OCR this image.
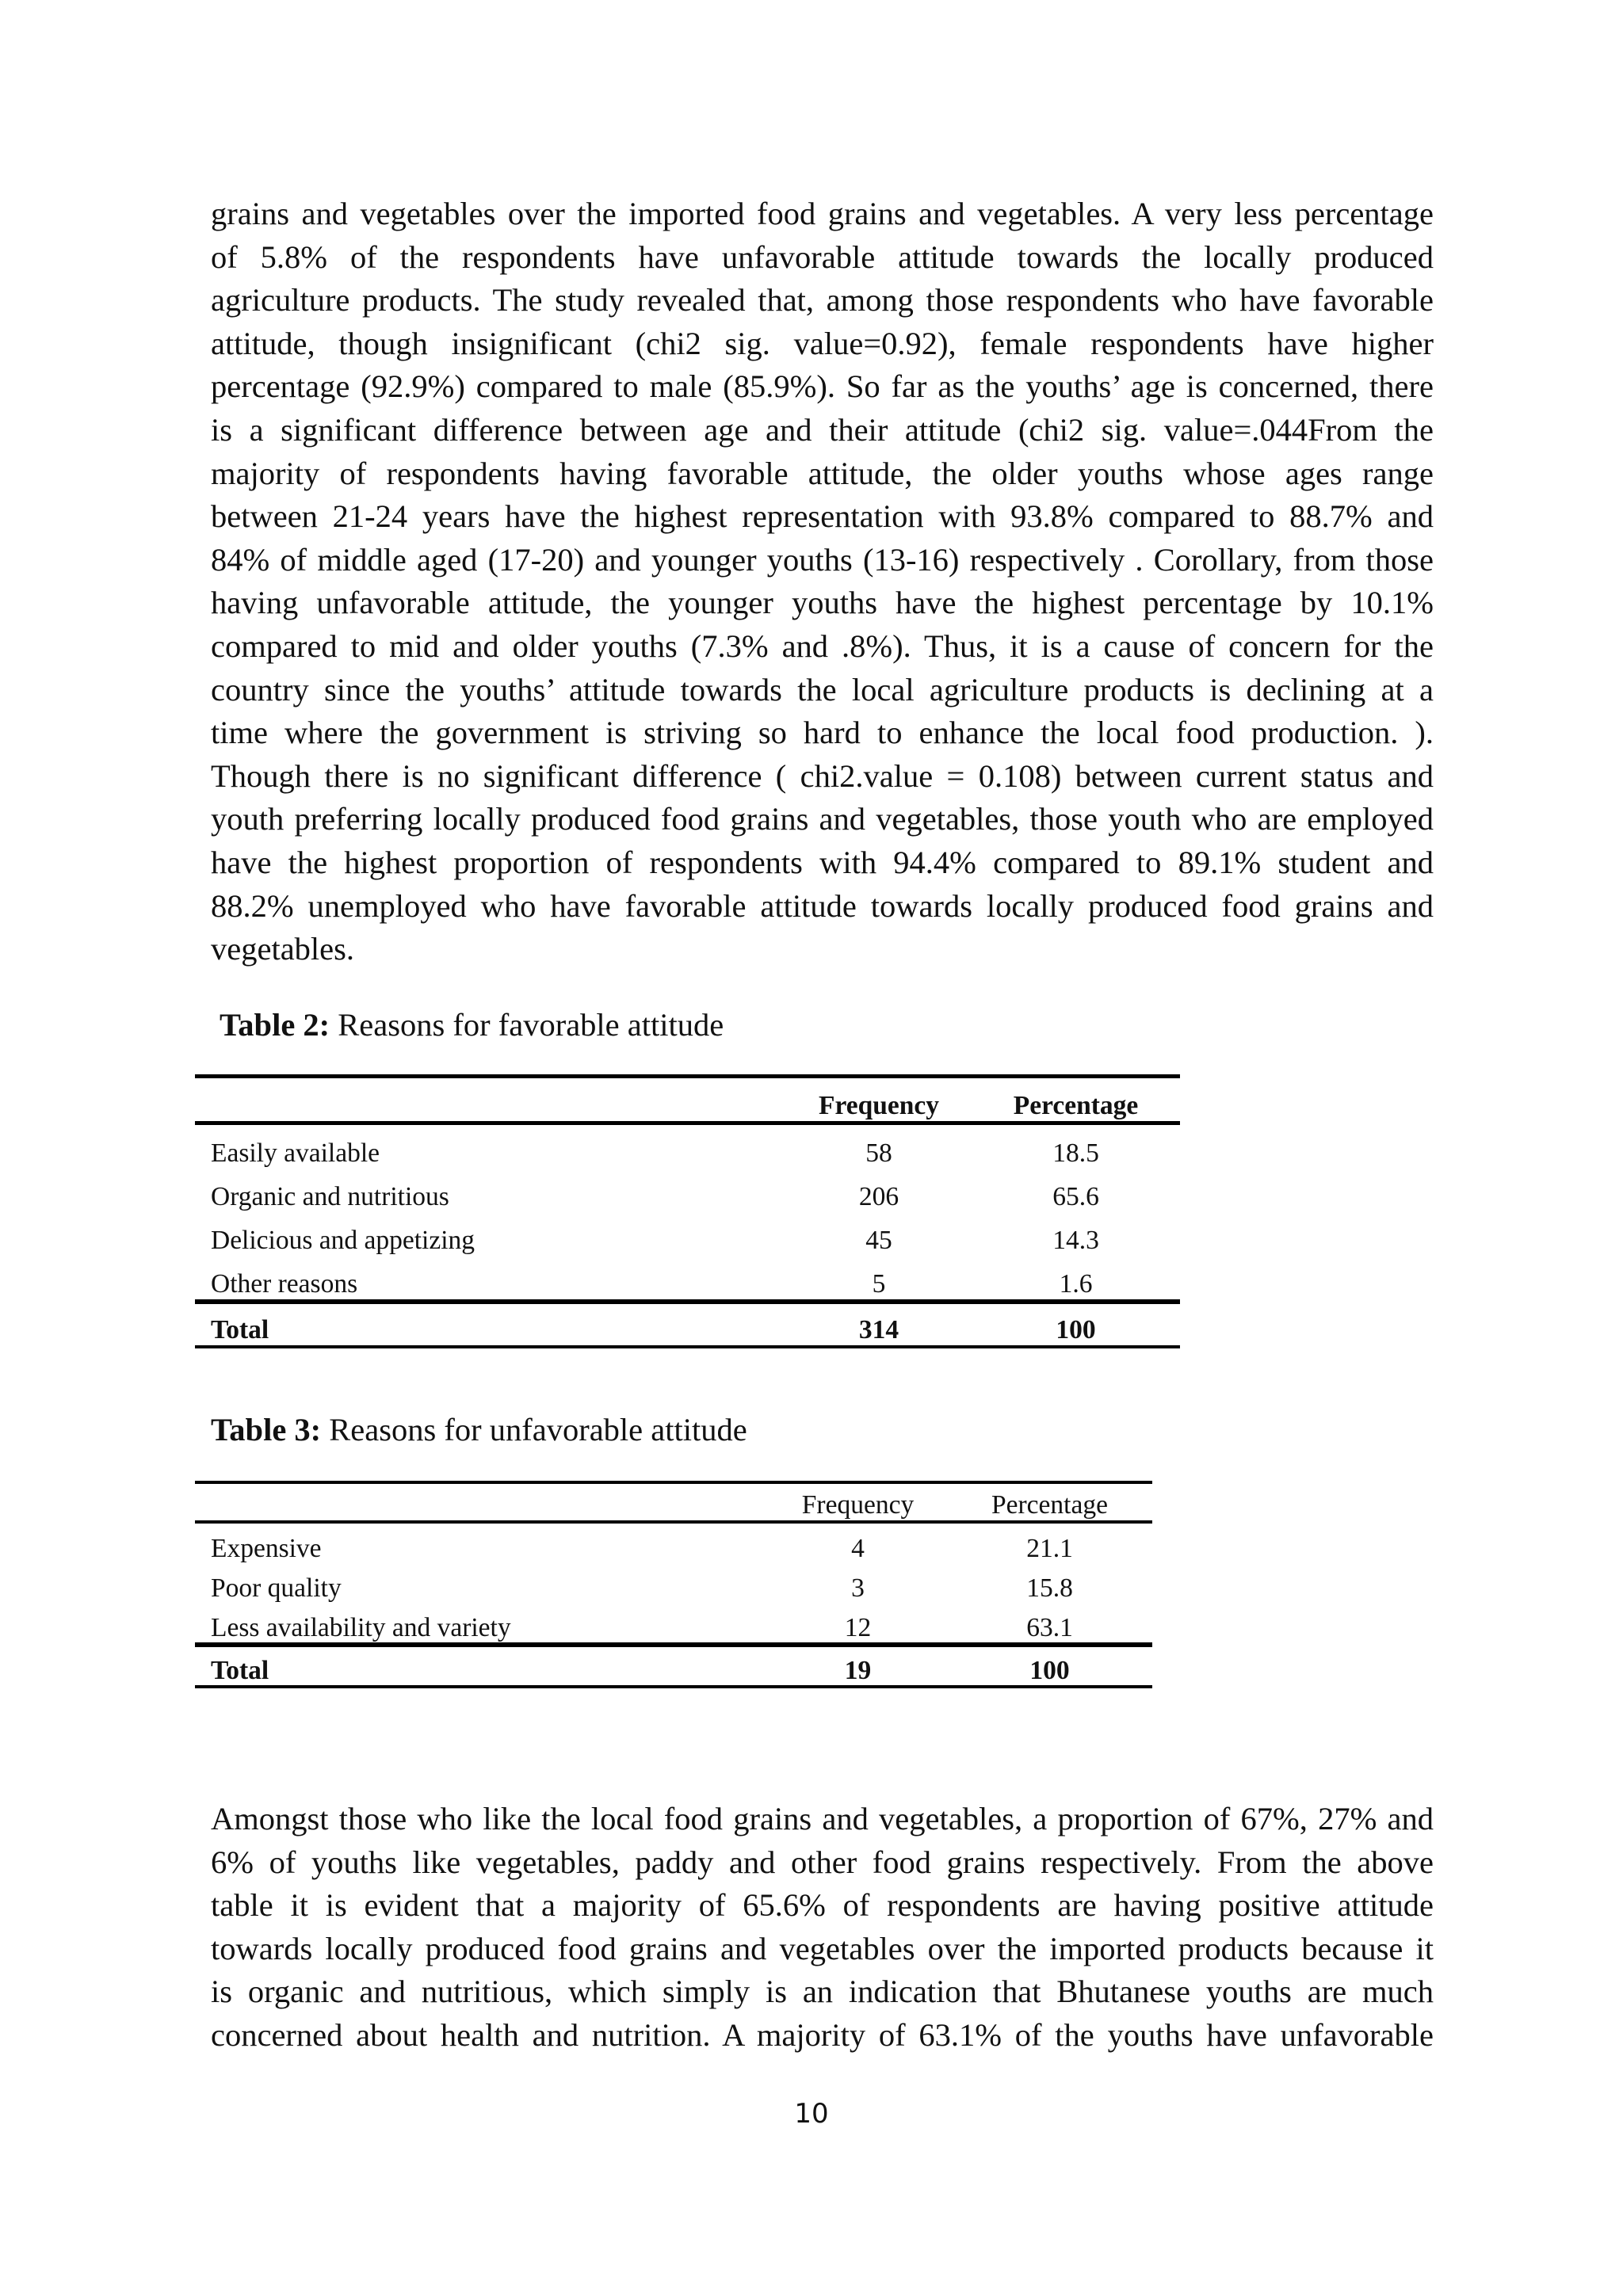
grains and vegetables over the imported food grains and vegetables. A very less percentage
of 5.8% of the respondents have unfavorable attitude towards the locally produced
agriculture products. The study revealed that, among those respondents who have favorable
attitude, though insignificant (chi2 sig. value=0.92), female respondents have higher
percentage (92.9%) compared to male (85.9%). So far as the youths’ age is concerned, there
is a significant difference between age and their attitude (chi2 sig. value=.044From the
majority of respondents having favorable attitude, the older youths whose ages range
between 21-24 years have the highest representation with 93.8% compared to 88.7% and
84% of middle aged (17-20) and younger youths (13-16) respectively . Corollary, from those
having unfavorable attitude, the younger youths have the highest percentage by 10.1%
compared to mid and older youths (7.3% and .8%). Thus, it is a cause of concern for the
country since the youths’ attitude towards the local agriculture products is declining at a
time where the government is striving so hard to enhance the local food production. ).
Though there is no significant difference ( chi2.value = 0.108) between current status and
youth preferring locally produced food grains and vegetables, those youth who are employed
have the highest proportion of respondents with 94.4% compared to 89.1% student and
88.2% unemployed who have favorable attitude towards locally produced food grains and
vegetables.

Table 2: Reasons for favorable attitude

	Frequency	Percentage
Easily available	58	18.5
Organic and nutritious	206	65.6
Delicious and appetizing	45	14.3
Other reasons	5	1.6
Total	314	100

Table 3: Reasons for unfavorable attitude

	Frequency	Percentage
Expensive	4	21.1
Poor quality	3	15.8
Less availability and variety	12	63.1
Total	19	100

Amongst those who like the local food grains and vegetables, a proportion of 67%, 27% and
6% of youths like vegetables, paddy and other food grains respectively. From the above
table it is evident that a majority of 65.6% of respondents are having positive attitude
towards locally produced food grains and vegetables over the imported products because it
is organic and nutritious, which simply is an indication that Bhutanese youths are much
concerned about health and nutrition. A majority of 63.1% of the youths have unfavorable

10
